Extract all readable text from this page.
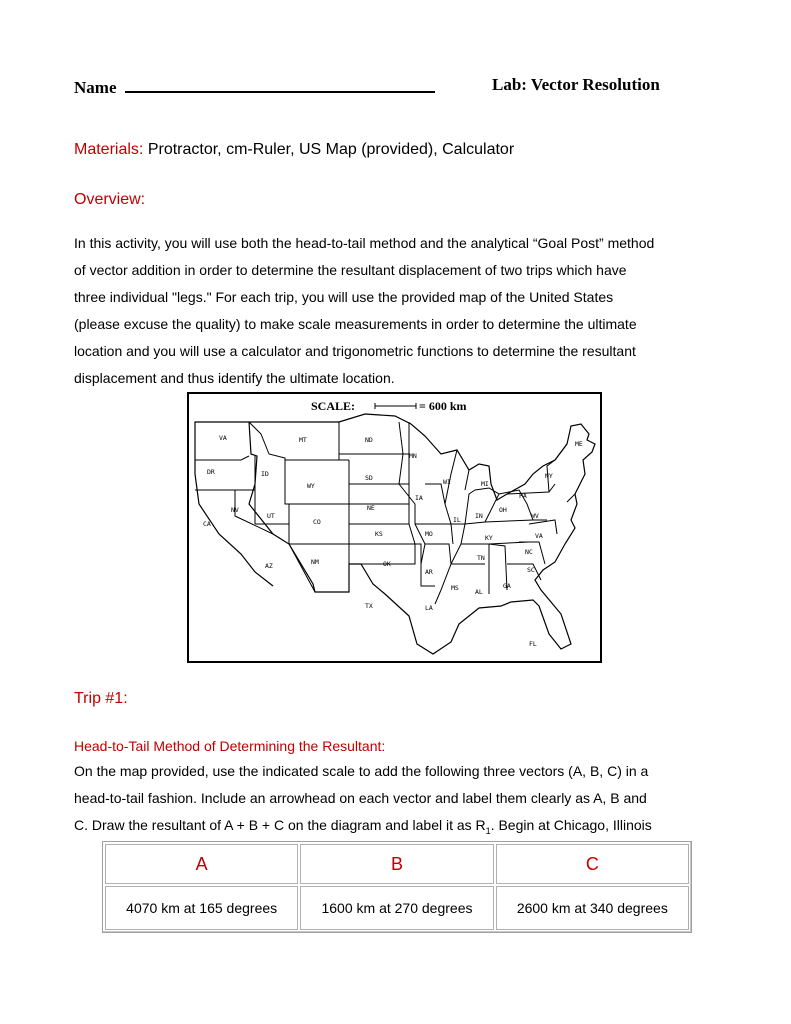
Name	Lab: Vector Resolution
Materials: Protractor, cm-Ruler, US Map (provided), Calculator
Overview:
In this activity, you will use both the head-to-tail method and the analytical “Goal Post” method
of vector addition in order to determine the resultant displacement of two trips which have
three individual "legs." For each trip, you will use the provided map of the United States
(please excuse the quality) to make scale measurements in order to determine the ultimate
location and you will use a calculator and trigonometric functions to determine the resultant
displacement and thus identify the ultimate location.
SCALE:	= 600 km
VA
DR
CA
ID
NV
MT
WY
UT
AZ
CO
NM
ND
SD
NE
KS
OK
TX
MN
IA
MO
AR
LA
WI
IL
MS
MI
IN
OH
KY
TN
AL
GA
FL
SC
NC
VA
WV
PA
NY
ME
Trip #1:
Head-to-Tail Method of Determining the Resultant:
On the map provided, use the indicated scale to add the following three vectors (A, B, C) in a
head-to-tail fashion. Include an arrowhead on each vector and label them clearly as A, B and
C. Draw the resultant of A + B + C on the diagram and label it as $R_1$. Begin at Chicago, Illinois
A	B	C
4070 km at 165 degrees	1600 km at 270 degrees	2600 km at 340 degrees
